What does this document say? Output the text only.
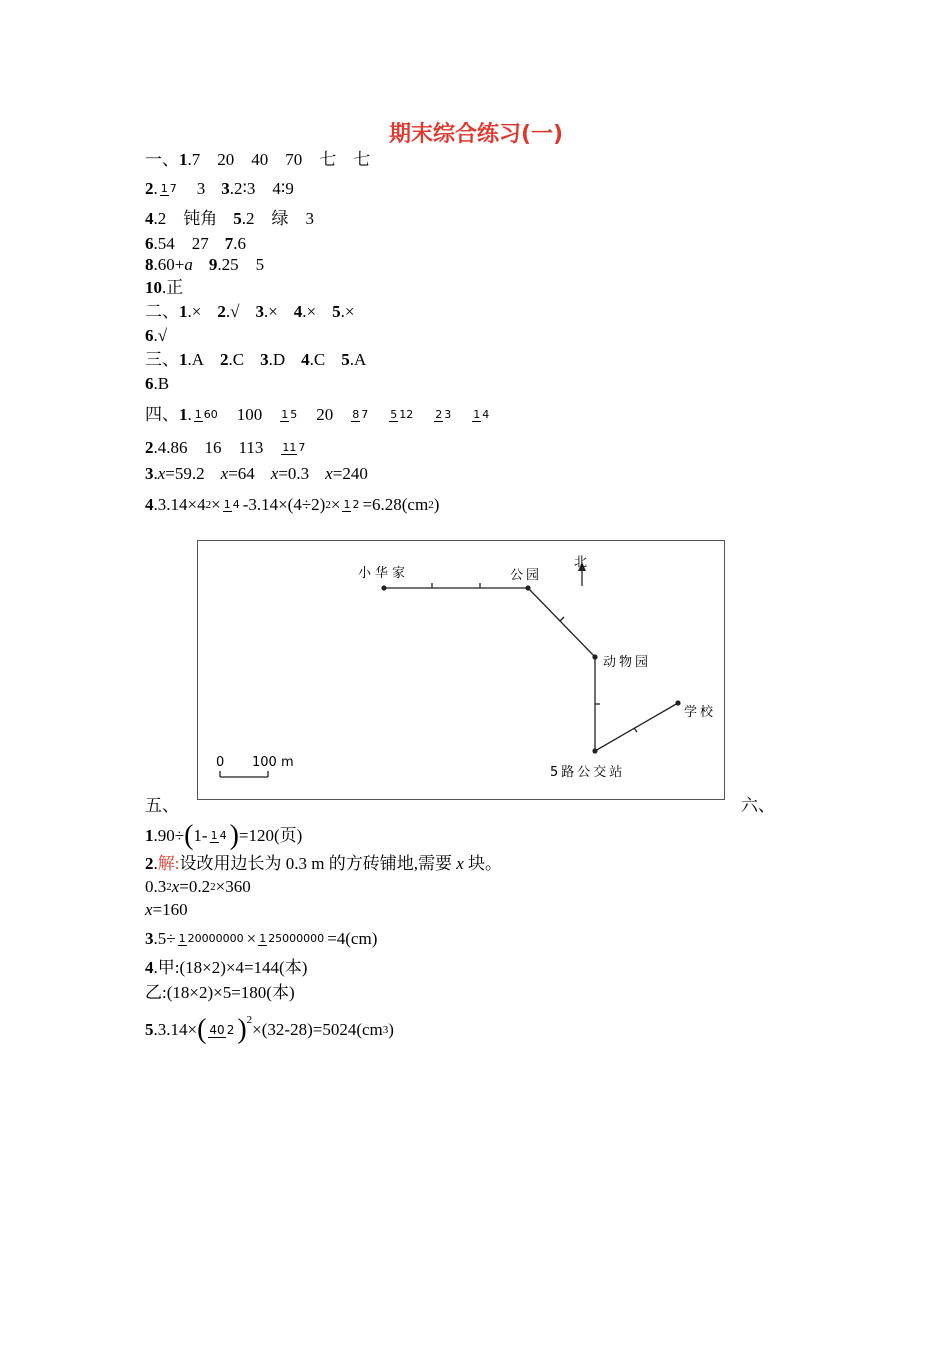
期末综合练习(一)
一、 1 .7　20　40　70　七　七
2 . 1 7 　3 3 .2∶3　4∶9
4 .2　钝角 5 .2　绿　3
6 .54　27 7 .6
8 .60+ a 9 .25　5
10 .正
二、 1 .× 2 .√ 3 .× 4 .× 5 .×
6 .√
三、 1 .A 2 .C 3 .D 4 .C 5 .A
6 .B
四、 1 . 1 60 100 1 5 20 8 7 5 12 2 3 1 4
2 .4.86　16　113 11 7
3 . x = 59.2 x = 64 x = 0.3 x = 240
4 .3.14×4 2 × 1 4 -3.14×(4÷2) 2 × 1 2 =6.28(cm 2 )
小华家	公园
北
动物园
学校
5路公交站
0 100 m
五、	六、
1 .90÷ ( 1- 1 4 ) =120(页)
2 . 解: 设改用边长为 0.3 m 的方砖铺地,需要 x 块。
0.3 2 x =0.2 2 ×360
x =160
3 .5÷ 1 20000000 × 1 25000000 =4(cm)
4 .甲:(18×2)×4=144(本)
乙:(18×2)×5=180(本)
5 .3.14× ( 40 2 )$^2$ ×(32-28)=5024(cm 3 )
